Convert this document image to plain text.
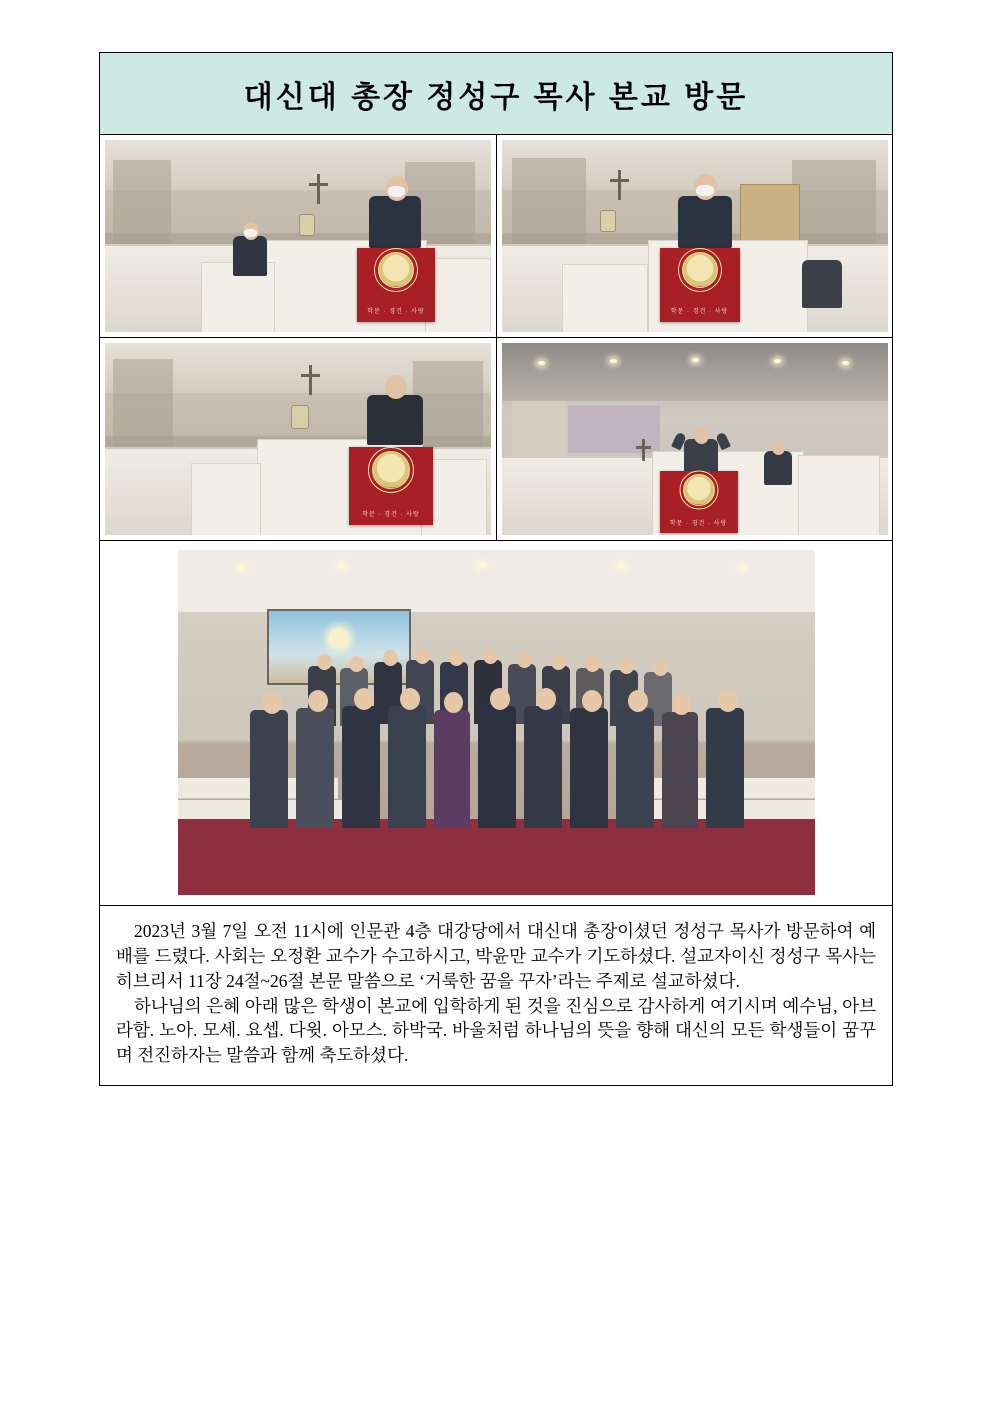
대신대 총장 정성구 목사 본교 방문
학문 · 경건 · 사랑	학문 · 경건 · 사랑
학문 · 경건 · 사랑
학문 · 경건 · 사랑

2023년 3월 7일 오전 11시에 인문관 4층 대강당에서 대신대 총장이셨던 정성구 목사가 방문하여 예배를 드렸다. 사회는 오정환 교수가 수고하시고, 박윤만 교수가 기도하셨다. 설교자이신 정성구 목사는 히브리서 11장 24절~26절 본문 말씀으로 ‘거룩한 꿈을 꾸자’라는 주제로 설교하셨다.

하나님의 은혜 아래 많은 학생이 본교에 입학하게 된 것을 진심으로 감사하게 여기시며 예수님, 아브라함. 노아. 모세. 요셉. 다윗. 아모스. 하박국. 바울처럼 하나님의 뜻을 향해 대신의 모든 학생들이 꿈꾸며 전진하자는 말씀과 함께 축도하셨다.
